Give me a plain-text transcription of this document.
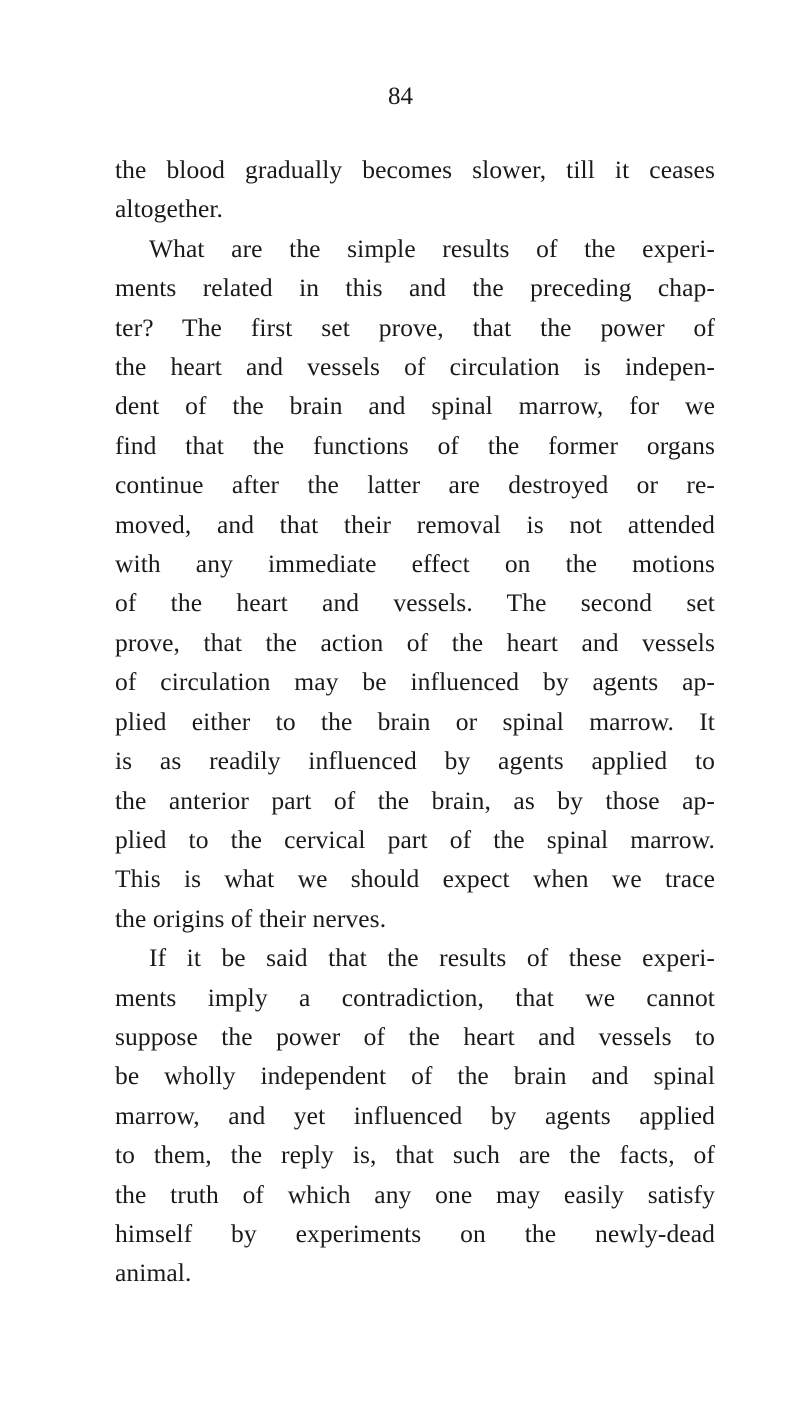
84
the blood gradually becomes slower, till it ceases
altogether.
What are the simple results of the experi-
ments related in this and the preceding chap-
ter? The first set prove, that the power of
the heart and vessels of circulation is indepen-
dent of the brain and spinal marrow, for we
find that the functions of the former organs
continue after the latter are destroyed or re-
moved, and that their removal is not attended
with any immediate effect on the motions
of the heart and vessels. The second set
prove, that the action of the heart and vessels
of circulation may be influenced by agents ap-
plied either to the brain or spinal marrow. It
is as readily influenced by agents applied to
the anterior part of the brain, as by those ap-
plied to the cervical part of the spinal marrow.
This is what we should expect when we trace
the origins of their nerves.
If it be said that the results of these experi-
ments imply a contradiction, that we cannot
suppose the power of the heart and vessels to
be wholly independent of the brain and spinal
marrow, and yet influenced by agents applied
to them, the reply is, that such are the facts, of
the truth of which any one may easily satisfy
himself by experiments on the newly-dead
animal.
